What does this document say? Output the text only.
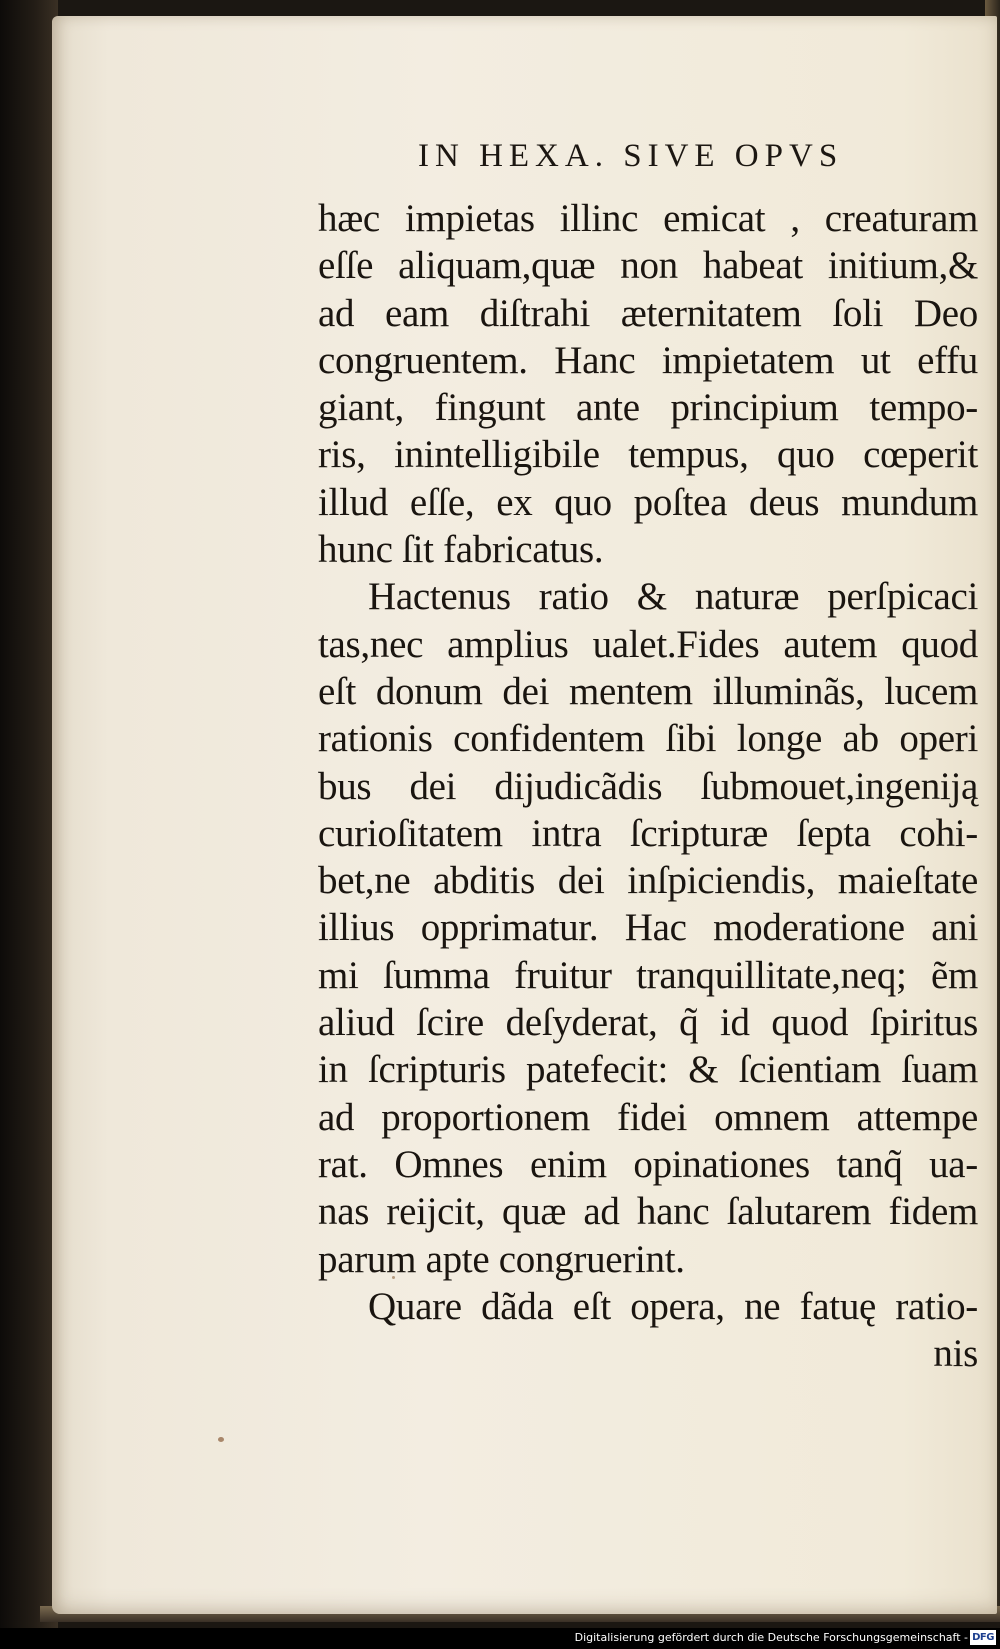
IN HEXA. SIVE OPVS
hæc impietas illinc emicat , creaturam
eſſe aliquam,quæ non habeat initium,&
ad eam diſtrahi æternitatem ſoli Deo
congruentem. Hanc impietatem ut effu
giant, fingunt ante principium tempo-
ris, inintelligibile tempus, quo cœperit
illud eſſe, ex quo poſtea deus mundum
hunc ſit fabricatus.
Hactenus ratio & naturæ perſpicaci
tas,nec amplius ualet.Fides autem quod
eſt donum dei mentem illuminãs, lucem
rationis confidentem ſibi longe ab operi
bus dei dijudicãdis ſubmouet,ingeniją
curioſitatem intra ſcripturæ ſepta cohi-
bet,ne abditis dei inſpiciendis, maieſtate
illius opprimatur. Hac moderatione ani
mi ſumma fruitur tranquillitate,neq; ẽm
aliud ſcire deſyderat, q̃ id quod ſpiritus
in ſcripturis patefecit: & ſcientiam ſuam
ad proportionem fidei omnem attempe
rat. Omnes enim opinationes tanq̃ ua-
nas reijcit, quæ ad hanc ſalutarem fidem
parum apte congruerint.
Quare dãda eſt opera, ne fatuę ratio-
nis
Digitalisierung gefördert durch die Deutsche Forschungsgemeinschaft - DFG
